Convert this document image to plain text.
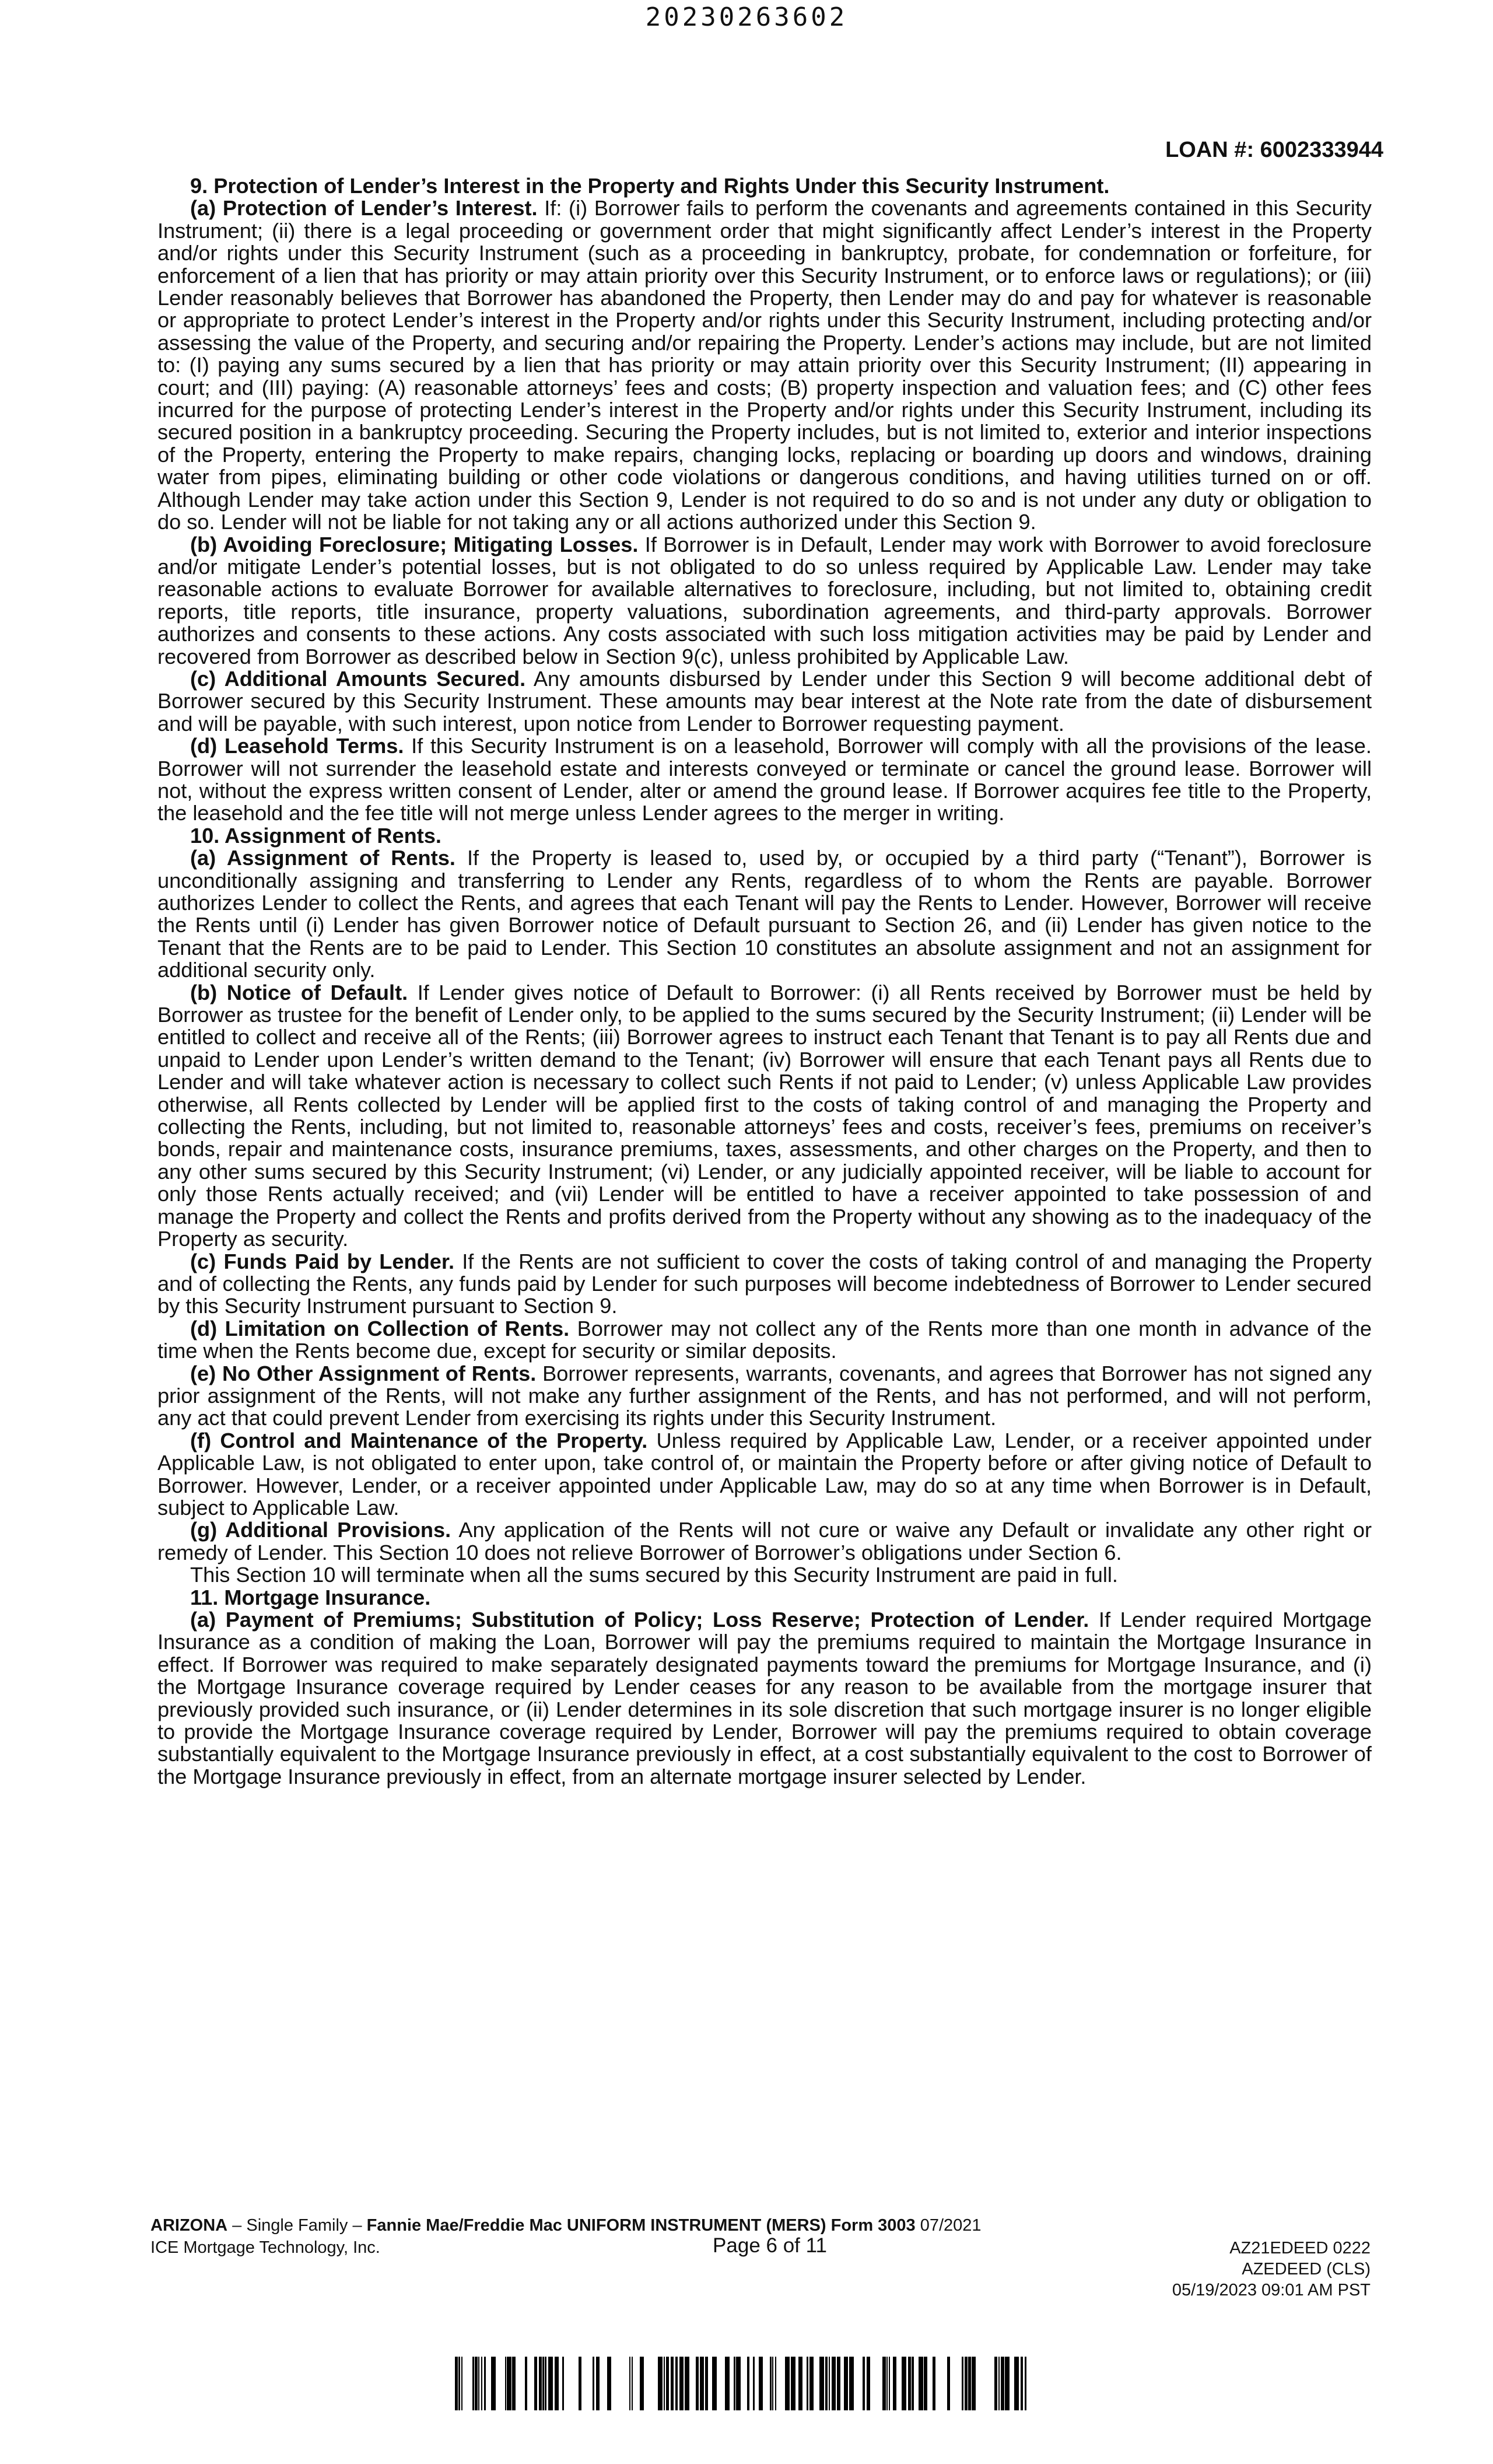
20230263602
LOAN #: 6002333944

9. Protection of Lender’s Interest in the Property and Rights Under this Security Instrument.

(a) Protection of Lender’s Interest. If: (i) Borrower fails to perform the covenants and agreements contained in this Security Instrument; (ii) there is a legal proceeding or government order that might significantly affect Lender’s interest in the Property and/or rights under this Security Instrument (such as a proceeding in bankruptcy, probate, for condemnation or forfeiture, for enforcement of a lien that has priority or may attain priority over this Security Instrument, or to enforce laws or regulations); or (iii) Lender reasonably believes that Borrower has abandoned the Property, then Lender may do and pay for whatever is reasonable or appropriate to protect Lender’s interest in the Property and/or rights under this Security Instrument, including protecting and/or assessing the value of the Property, and securing and/or repairing the Property. Lender’s actions may include, but are not limited to: (I) paying any sums secured by a lien that has priority or may attain priority over this Security Instrument; (II) appearing in court; and (III) paying: (A) reasonable attorneys’ fees and costs; (B) property inspection and valuation fees; and (C) other fees incurred for the purpose of protecting Lender’s interest in the Property and/or rights under this Security Instrument, including its secured position in a bankruptcy proceeding. Securing the Property includes, but is not limited to, exterior and interior inspections of the Property, entering the Property to make repairs, changing locks, replacing or boarding up doors and windows, draining water from pipes, eliminating building or other code violations or dangerous conditions, and having utilities turned on or off. Although Lender may take action under this Section 9, Lender is not required to do so and is not under any duty or obligation to do so. Lender will not be liable for not taking any or all actions authorized under this Section 9.

(b) Avoiding Foreclosure; Mitigating Losses. If Borrower is in Default, Lender may work with Borrower to avoid foreclosure and/or mitigate Lender’s potential losses, but is not obligated to do so unless required by Applicable Law. Lender may take reasonable actions to evaluate Borrower for available alternatives to foreclosure, including, but not limited to, obtaining credit reports, title reports, title insurance, property valuations, subordination agreements, and third-party approvals. Borrower authorizes and consents to these actions. Any costs associated with such loss mitigation activities may be paid by Lender and recovered from Borrower as described below in Section 9(c), unless prohibited by Applicable Law.

(c) Additional Amounts Secured. Any amounts disbursed by Lender under this Section 9 will become additional debt of Borrower secured by this Security Instrument. These amounts may bear interest at the Note rate from the date of disbursement and will be payable, with such interest, upon notice from Lender to Borrower requesting payment.

(d) Leasehold Terms. If this Security Instrument is on a leasehold, Borrower will comply with all the provisions of the lease. Borrower will not surrender the leasehold estate and interests conveyed or terminate or cancel the ground lease. Borrower will not, without the express written consent of Lender, alter or amend the ground lease. If Borrower acquires fee title to the Property, the leasehold and the fee title will not merge unless Lender agrees to the merger in writing.

10. Assignment of Rents.

(a) Assignment of Rents. If the Property is leased to, used by, or occupied by a third party (“Tenant”), Borrower is unconditionally assigning and transferring to Lender any Rents, regardless of to whom the Rents are payable. Borrower authorizes Lender to collect the Rents, and agrees that each Tenant will pay the Rents to Lender. However, Borrower will receive the Rents until (i) Lender has given Borrower notice of Default pursuant to Section 26, and (ii) Lender has given notice to the Tenant that the Rents are to be paid to Lender. This Section 10 constitutes an absolute assignment and not an assignment for additional security only.

(b) Notice of Default. If Lender gives notice of Default to Borrower: (i) all Rents received by Borrower must be held by Borrower as trustee for the benefit of Lender only, to be applied to the sums secured by the Security Instrument; (ii) Lender will be entitled to collect and receive all of the Rents; (iii) Borrower agrees to instruct each Tenant that Tenant is to pay all Rents due and unpaid to Lender upon Lender’s written demand to the Tenant; (iv) Borrower will ensure that each Tenant pays all Rents due to Lender and will take whatever action is necessary to collect such Rents if not paid to Lender; (v) unless Applicable Law provides otherwise, all Rents collected by Lender will be applied first to the costs of taking control of and managing the Property and collecting the Rents, including, but not limited to, reasonable attorneys’ fees and costs, receiver’s fees, premiums on receiver’s bonds, repair and maintenance costs, insurance premiums, taxes, assessments, and other charges on the Property, and then to any other sums secured by this Security Instrument; (vi) Lender, or any judicially appointed receiver, will be liable to account for only those Rents actually received; and (vii) Lender will be entitled to have a receiver appointed to take possession of and manage the Property and collect the Rents and profits derived from the Property without any showing as to the inadequacy of the Property as security.

(c) Funds Paid by Lender. If the Rents are not sufficient to cover the costs of taking control of and managing the Property and of collecting the Rents, any funds paid by Lender for such purposes will become indebtedness of Borrower to Lender secured by this Security Instrument pursuant to Section 9.

(d) Limitation on Collection of Rents. Borrower may not collect any of the Rents more than one month in advance of the time when the Rents become due, except for security or similar deposits.

(e) No Other Assignment of Rents. Borrower represents, warrants, covenants, and agrees that Borrower has not signed any prior assignment of the Rents, will not make any further assignment of the Rents, and has not performed, and will not perform, any act that could prevent Lender from exercising its rights under this Security Instrument.

(f) Control and Maintenance of the Property. Unless required by Applicable Law, Lender, or a receiver appointed under Applicable Law, is not obligated to enter upon, take control of, or maintain the Property before or after giving notice of Default to Borrower. However, Lender, or a receiver appointed under Applicable Law, may do so at any time when Borrower is in Default, subject to Applicable Law.

(g) Additional Provisions. Any application of the Rents will not cure or waive any Default or invalidate any other right or remedy of Lender. This Section 10 does not relieve Borrower of Borrower’s obligations under Section 6.

This Section 10 will terminate when all the sums secured by this Security Instrument are paid in full.

11. Mortgage Insurance.

(a) Payment of Premiums; Substitution of Policy; Loss Reserve; Protection of Lender. If Lender required Mortgage Insurance as a condition of making the Loan, Borrower will pay the premiums required to maintain the Mortgage Insurance in effect. If Borrower was required to make separately designated payments toward the premiums for Mortgage Insurance, and (i) the Mortgage Insurance coverage required by Lender ceases for any reason to be available from the mortgage insurer that previously provided such insurance, or (ii) Lender determines in its sole discretion that such mortgage insurer is no longer eligible to provide the Mortgage Insurance coverage required by Lender, Borrower will pay the premiums required to obtain coverage substantially equivalent to the Mortgage Insurance previously in effect, at a cost substantially equivalent to the cost to Borrower of the Mortgage Insurance previously in effect, from an alternate mortgage insurer selected by Lender.

ARIZONA – Single Family – Fannie Mae/Freddie Mac UNIFORM INSTRUMENT (MERS) Form 3003 07/2021
ICE Mortgage Technology, Inc.	Page 6 of 11	AZ21EDEED 0222
AZEDEED (CLS)
05/19/2023 09:01 AM PST
